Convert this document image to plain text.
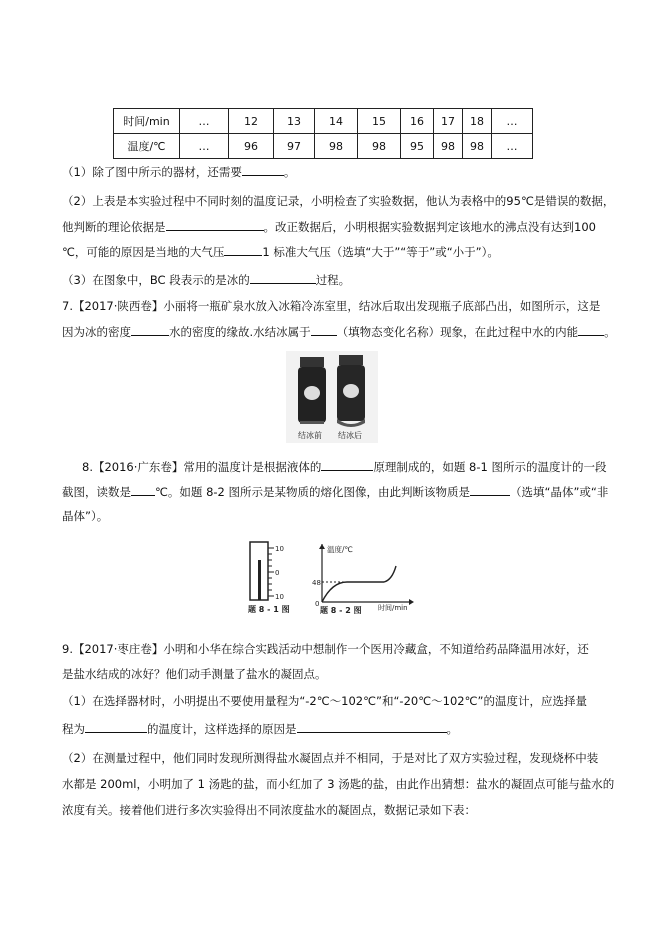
时间/min	…	12	13	14	15	16	17	18	…
温度/℃	…	96	97	98	98	95	98	98	…
（1）除了图中所示的器材，还需要	。
（2）上表是本实验过程中不同时刻的温度记录，小明检查了实验数据，他认为表格中的95℃是错误的数据，
他判断的理论依据是	。改正数据后，小明根据实验数据判定该地水的沸点没有达到100
℃，可能的原因是当地的大气压	1 标准大气压（选填“大于”“等于”或“小于”）。
（3）在图象中，BC 段表示的是冰的	过程。
7.【2017·陕西卷】小丽将一瓶矿泉水放入冰箱冷冻室里，结冰后取出发现瓶子底部凸出，如图所示，这是
因为冰的密度	水的密度的缘故.水结冰属于 （填物态变化名称）现象，在此过程中水的内能 。
结冰前 结冰后
8.【2016·广东卷】常用的温度计是根据液体的	原理制成的，如题 8-1 图所示的温度计的一段
截图，读数是 ℃。如题 8-2 图所示是某物质的熔化图像，由此判断该物质是	（选填“晶体”或“非
晶体”）。
10
0
10
题 8 - 1 图
温度/℃
48
0	时间/min
题 8 - 2 图
9.【2017·枣庄卷】小明和小华在综合实践活动中想制作一个医用冷藏盒，不知道给药品降温用冰好，还
是盐水结成的冰好？他们动手测量了盐水的凝固点。
（1）在选择器材时，小明提出不要使用量程为“-2℃～102℃”和“-20℃～102℃”的温度计，应选择量
程为	的温度计，这样选择的原因是	。
（2）在测量过程中，他们同时发现所测得盐水凝固点并不相同，于是对比了双方实验过程，发现烧杯中装
水都是 200ml，小明加了 1 汤匙的盐，而小红加了 3 汤匙的盐，由此作出猜想：盐水的凝固点可能与盐水的
浓度有关。接着他们进行多次实验得出不同浓度盐水的凝固点，数据记录如下表：
